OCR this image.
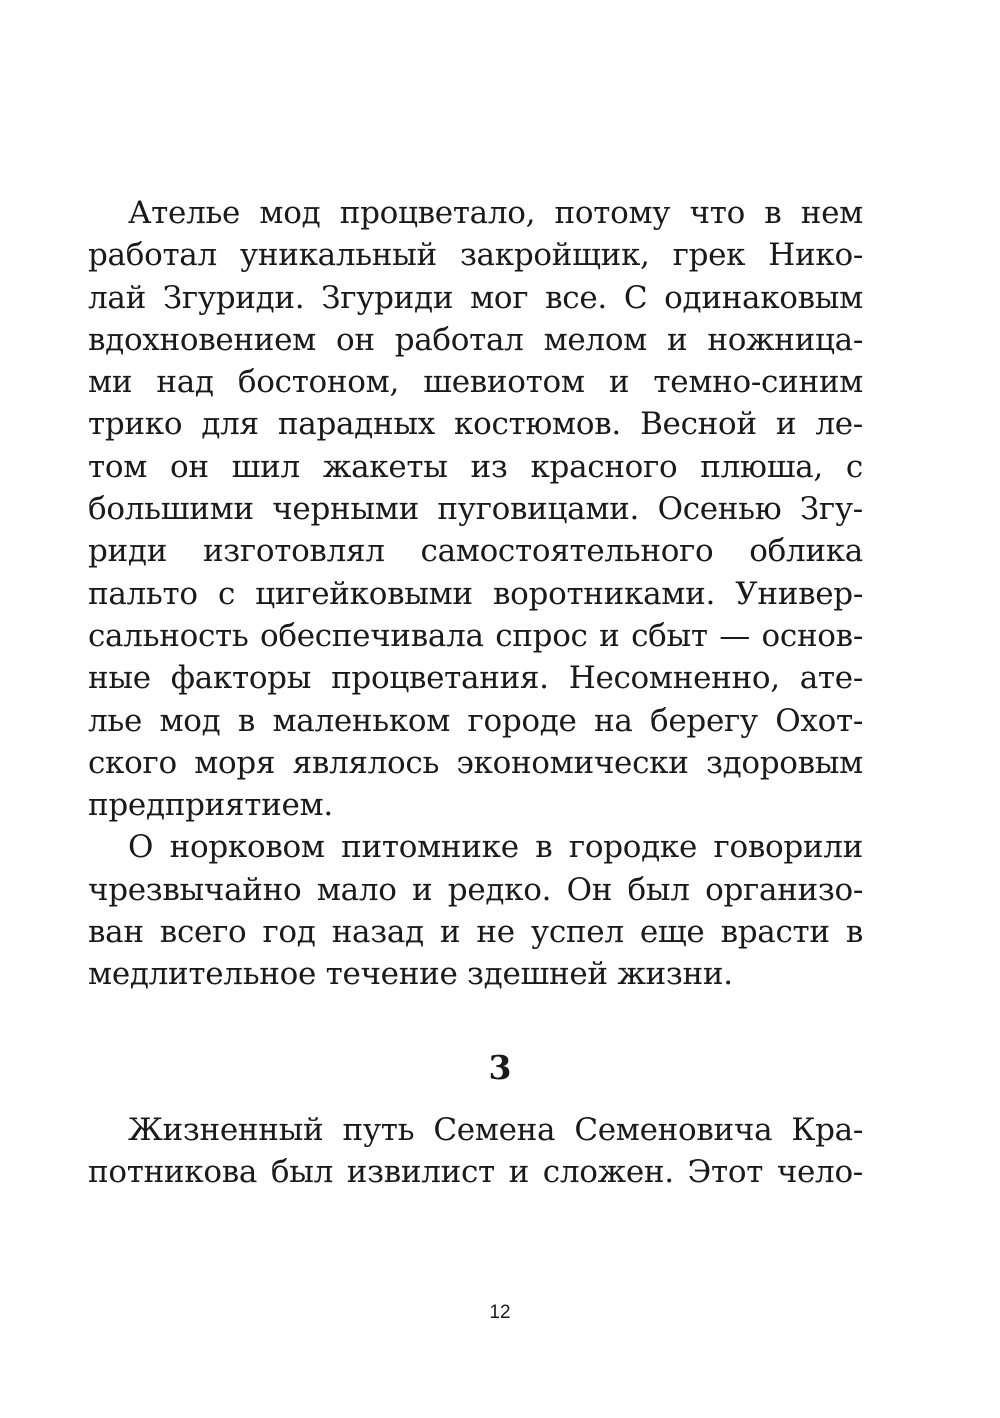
Ателье мод процветало, потому что в нем
работал уникальный закройщик, грек Нико-
лай Згуриди. Згуриди мог все. С одинаковым
вдохновением он работал мелом и ножница-
ми над бостоном, шевиотом и темно-синим
трико для парадных костюмов. Весной и ле-
том он шил жакеты из красного плюша, с
большими черными пуговицами. Осенью Згу-
риди изготовлял самостоятельного облика
пальто с цигейковыми воротниками. Универ-
сальность обеспечивала спрос и сбыт — основ-
ные факторы процветания. Несомненно, ате-
лье мод в маленьком городе на берегу Охот-
ского моря являлось экономически здоровым
предприятием.
О норковом питомнике в городке говорили
чрезвычайно мало и редко. Он был организо-
ван всего год назад и не успел еще врасти в
медлительное течение здешней жизни.
3
Жизненный путь Семена Семеновича Кра-
потникова был извилист и сложен. Этот чело-
12
